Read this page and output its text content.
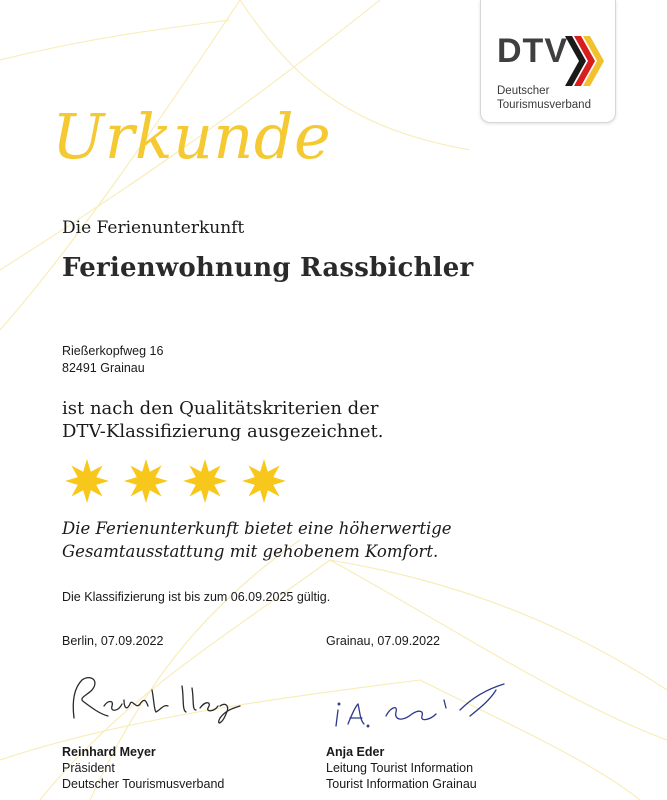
DTV
Deutscher
Tourismusverband
Urkunde
Die Ferienunterkunft
Ferienwohnung Rassbichler
Rießerkopfweg 16
82491 Grainau
ist nach den Qualitätskriterien der
DTV-Klassifizierung ausgezeichnet.
Die Ferienunterkunft bietet eine höherwertige
Gesamtausstattung mit gehobenem Komfort.
Die Klassifizierung ist bis zum 06.09.2025 gültig.
Berlin, 07.09.2022	Grainau, 07.09.2022
Reinhard Meyer
Präsident
Deutscher Tourismusverband
Anja Eder
Leitung Tourist Information
Tourist Information Grainau
